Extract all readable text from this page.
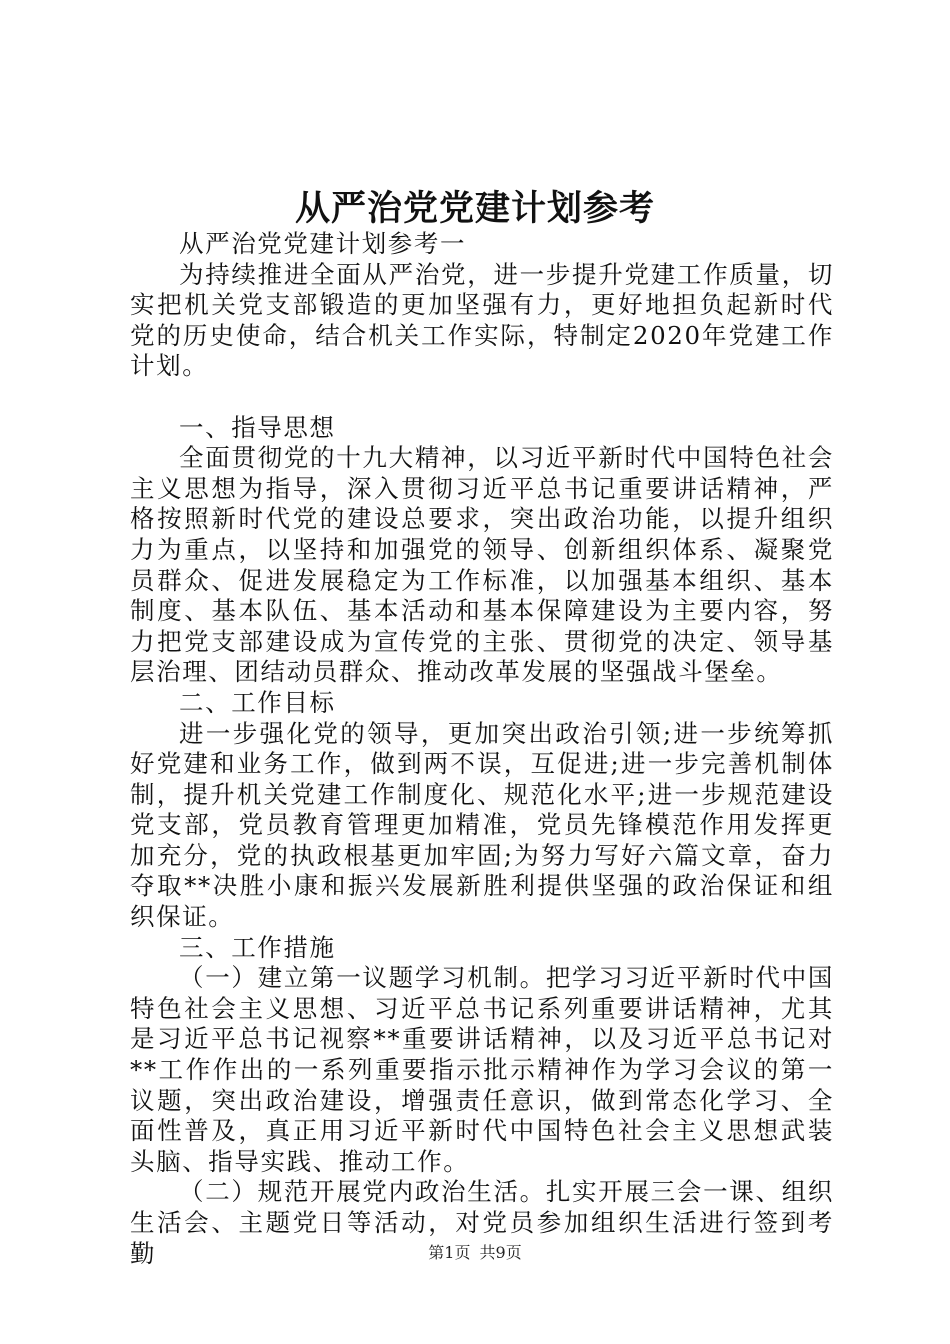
从严治党党建计划参考

从严治党党建计划参考一

为持续推进全面从严治党，进一步提升党建工作质量，切实把机关党支部锻造的更加坚强有力，更好地担负起新时代党的历史使命，结合机关工作实际，特制定2020年党建工作计划。

一、指导思想

全面贯彻党的十九大精神，以习近平新时代中国特色社会主义思想为指导，深入贯彻习近平总书记重要讲话精神，严格按照新时代党的建设总要求，突出政治功能，以提升组织力为重点，以坚持和加强党的领导、创新组织体系、凝聚党员群众、促进发展稳定为工作标准，以加强基本组织、基本制度、基本队伍、基本活动和基本保障建设为主要内容，努力把党支部建设成为宣传党的主张、贯彻党的决定、领导基层治理、团结动员群众、推动改革发展的坚强战斗堡垒。

二、工作目标

进一步强化党的领导，更加突出政治引领;进一步统筹抓好党建和业务工作，做到两不误，互促进;进一步完善机制体制，提升机关党建工作制度化、规范化水平;进一步规范建设党支部，党员教育管理更加精准，党员先锋模范作用发挥更加充分，党的执政根基更加牢固;为努力写好六篇文章，奋力夺取**决胜小康和振兴发展新胜利提供坚强的政治保证和组织保证。

三、工作措施

（一）建立第一议题学习机制。把学习习近平新时代中国特色社会主义思想、习近平总书记系列重要讲话精神，尤其是习近平总书记视察**重要讲话精神，以及习近平总书记对**工作作出的一系列重要指示批示精神作为学习会议的第一议题，突出政治建设，增强责任意识，做到常态化学习、全面性普及，真正用习近平新时代中国特色社会主义思想武装头脑、指导实践、推动工作。

（二）规范开展党内政治生活。扎实开展三会一课、组织生活会、主题党日等活动，对党员参加组织生活进行签到考勤	第1页 共9页
